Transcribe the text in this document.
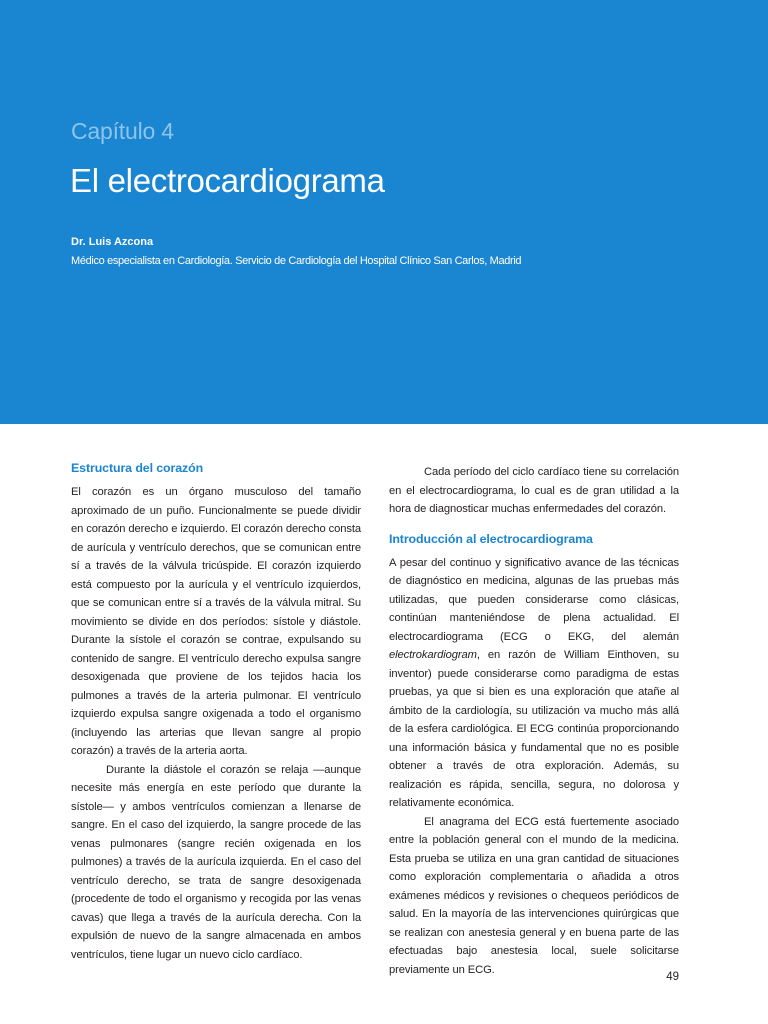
Capítulo 4
El electrocardiograma
Dr. Luis Azcona
Médico especialista en Cardiología. Servicio de Cardiología del Hospital Clínico San Carlos, Madrid
Estructura del corazón

El corazón es un órgano musculoso del tamaño aproximado de un puño. Funcionalmente se puede dividir en corazón derecho e izquierdo. El corazón derecho consta de aurícula y ventrículo derechos, que se comunican entre sí a través de la válvula tricúspide. El corazón izquierdo está compuesto por la aurícula y el ventrículo izquierdos, que se comunican entre sí a través de la válvula mitral. Su movimiento se divide en dos períodos: sístole y diástole. Durante la sístole el corazón se contrae, expulsando su contenido de sangre. El ventrículo derecho expulsa sangre desoxigenada que proviene de los tejidos hacia los pulmones a través de la arteria pulmonar. El ventrículo izquierdo expulsa sangre oxigenada a todo el organismo (incluyendo las arterias que llevan sangre al propio corazón) a través de la arteria aorta.

Durante la diástole el corazón se relaja —aunque necesite más energía en este período que durante la sístole— y ambos ventrículos comienzan a llenarse de sangre. En el caso del izquierdo, la sangre procede de las venas pulmonares (sangre recién oxigenada en los pulmones) a través de la aurícula izquierda. En el caso del ventrículo derecho, se trata de sangre desoxigenada (procedente de todo el organismo y recogida por las venas cavas) que llega a través de la aurícula derecha. Con la expulsión de nuevo de la sangre almacenada en ambos ventrículos, tiene lugar un nuevo ciclo cardíaco.

Cada período del ciclo cardíaco tiene su correlación en el electrocardiograma, lo cual es de gran utilidad a la hora de diagnosticar muchas enfermedades del corazón.

Introducción al electrocardiograma

A pesar del continuo y significativo avance de las técnicas de diagnóstico en medicina, algunas de las pruebas más utilizadas, que pueden considerarse como clásicas, continúan manteniéndose de plena actualidad. El electrocardiograma (ECG o EKG, del alemán electrokardiogram, en razón de William Einthoven, su inventor) puede considerarse como paradigma de estas pruebas, ya que si bien es una exploración que atañe al ámbito de la cardiología, su utilización va mucho más allá de la esfera cardiológica. El ECG continúa proporcionando una información básica y fundamental que no es posible obtener a través de otra exploración. Además, su realización es rápida, sencilla, segura, no dolorosa y relativamente económica.

El anagrama del ECG está fuertemente asociado entre la población general con el mundo de la medicina. Esta prueba se utiliza en una gran cantidad de situaciones como exploración complementaria o añadida a otros exámenes médicos y revisiones o chequeos periódicos de salud. En la mayoría de las intervenciones quirúrgicas que se realizan con anestesia general y en buena parte de las efectuadas bajo anestesia local, suele solicitarse previamente un ECG.

49
